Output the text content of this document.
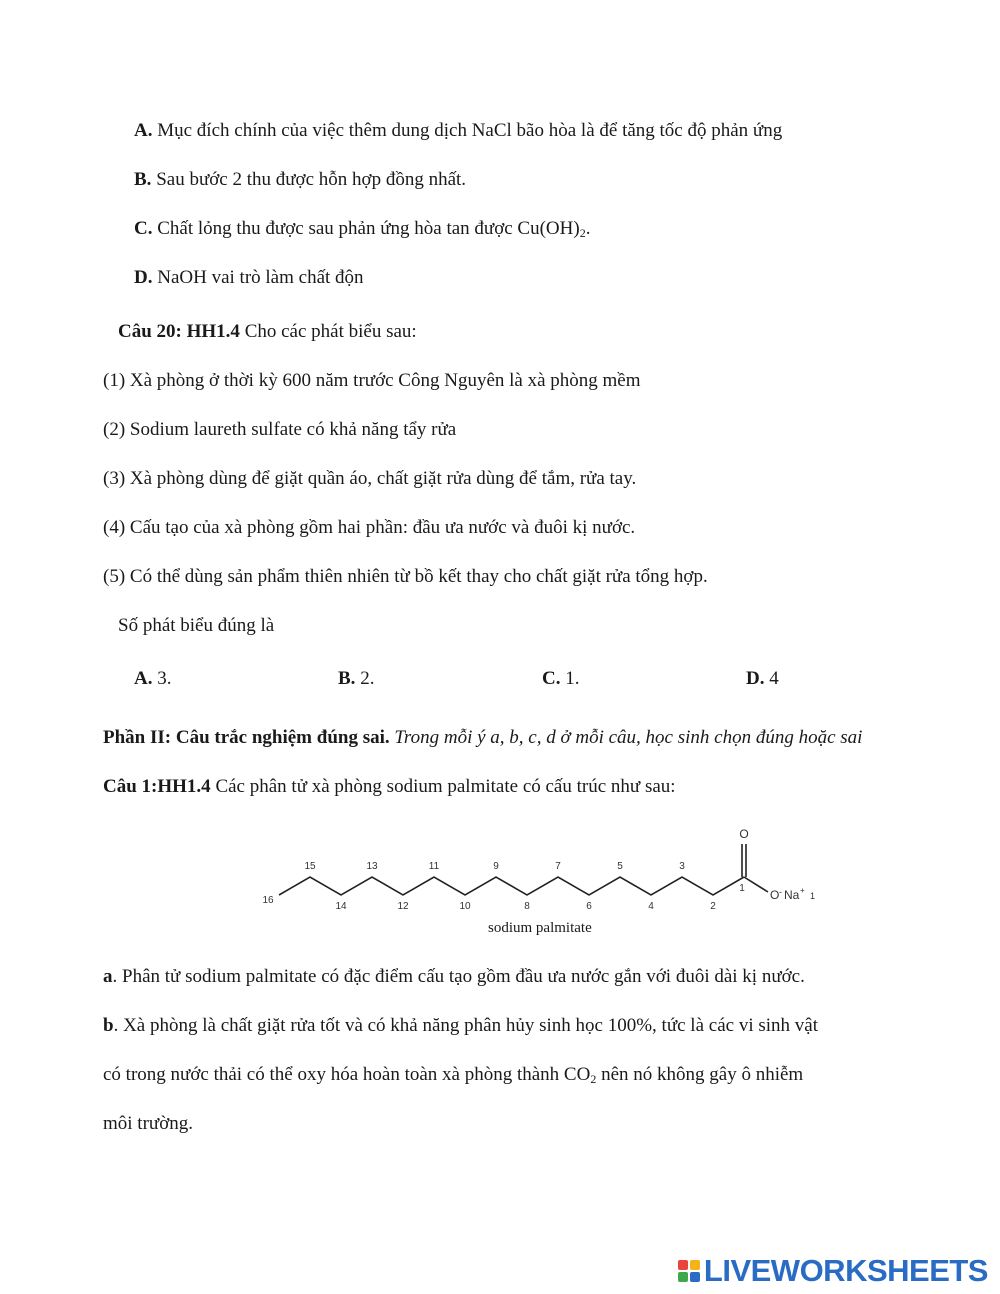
A. Mục đích chính của việc thêm dung dịch NaCl bão hòa là để tăng tốc độ phản ứng
B. Sau bước 2 thu được hỗn hợp đồng nhất.
C. Chất lỏng thu được sau phản ứng hòa tan được $Cu(OH)_2$.
D. NaOH vai trò làm chất độn
Câu 20: HH1.4 Cho các phát biểu sau:
(1) Xà phòng ở thời kỳ 600 năm trước Công Nguyên là xà phòng mềm
(2) Sodium laureth sulfate có khả năng tẩy rửa
(3) Xà phòng dùng để giặt quần áo, chất giặt rửa dùng để tắm, rửa tay.
(4) Cấu tạo của xà phòng gồm hai phần: đầu ưa nước và đuôi kị nước.
(5) Có thể dùng sản phẩm thiên nhiên từ bồ kết thay cho chất giặt rửa tổng hợp.
Số phát biểu đúng là
A. 3.	B. 2.	C. 1.	D. 4
Phần II: Câu trắc nghiệm đúng sai. Trong mỗi ý a, b, c, d ở mỗi câu, học sinh chọn đúng hoặc sai
Câu 1:HH1.4 Các phân tử xà phòng sodium palmitate có cấu trúc như sau:
16
15
14
13
12
11
10
9
8
7
6
5
4
3
2
1
O
O - Na +
1
sodium palmitate
a. Phân tử sodium palmitate có đặc điểm cấu tạo gồm đầu ưa nước gắn với đuôi dài kị nước.
b. Xà phòng là chất giặt rửa tốt và có khả năng phân hủy sinh học 100%, tức là các vi sinh vật
có trong nước thải có thể oxy hóa hoàn toàn xà phòng thành $CO_2$ nên nó không gây ô nhiễm
môi trường.
LIVEWORKSHEETS
